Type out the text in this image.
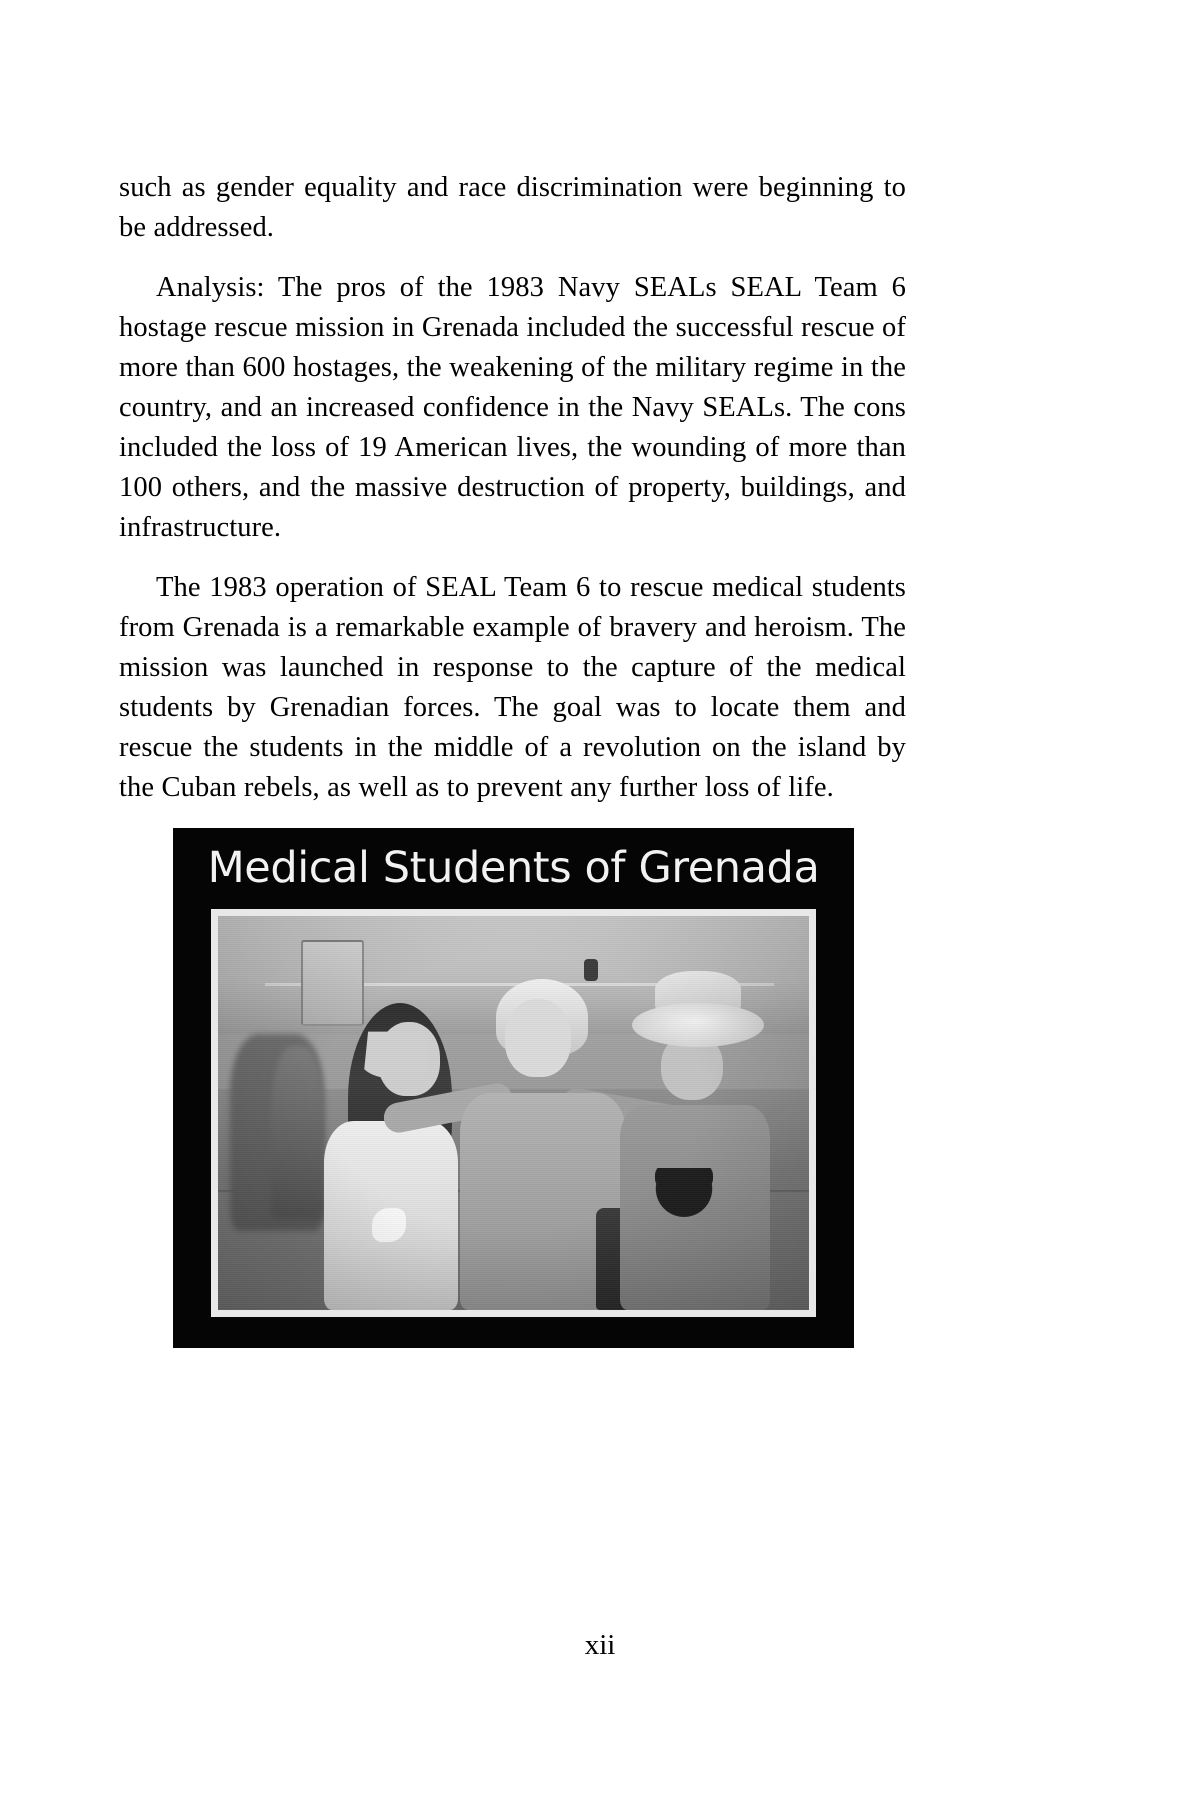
such as gender equality and race discrimination were beginning to be addressed.

Analysis: The pros of the 1983 Navy SEALs SEAL Team 6 hostage rescue mission in Grenada included the successful rescue of more than 600 hostages, the weakening of the military regime in the country, and an increased confidence in the Navy SEALs. The cons included the loss of 19 American lives, the wounding of more than 100 others, and the massive destruction of property, buildings, and infrastructure.

The 1983 operation of SEAL Team 6 to rescue medical students from Grenada is a remarkable example of bravery and heroism. The mission was launched in response to the capture of the medical students by Grenadian forces. The goal was to locate them and rescue the students in the middle of a revolution on the island by the Cuban rebels, as well as to prevent any further loss of life.

Medical Students of Grenada
xii
